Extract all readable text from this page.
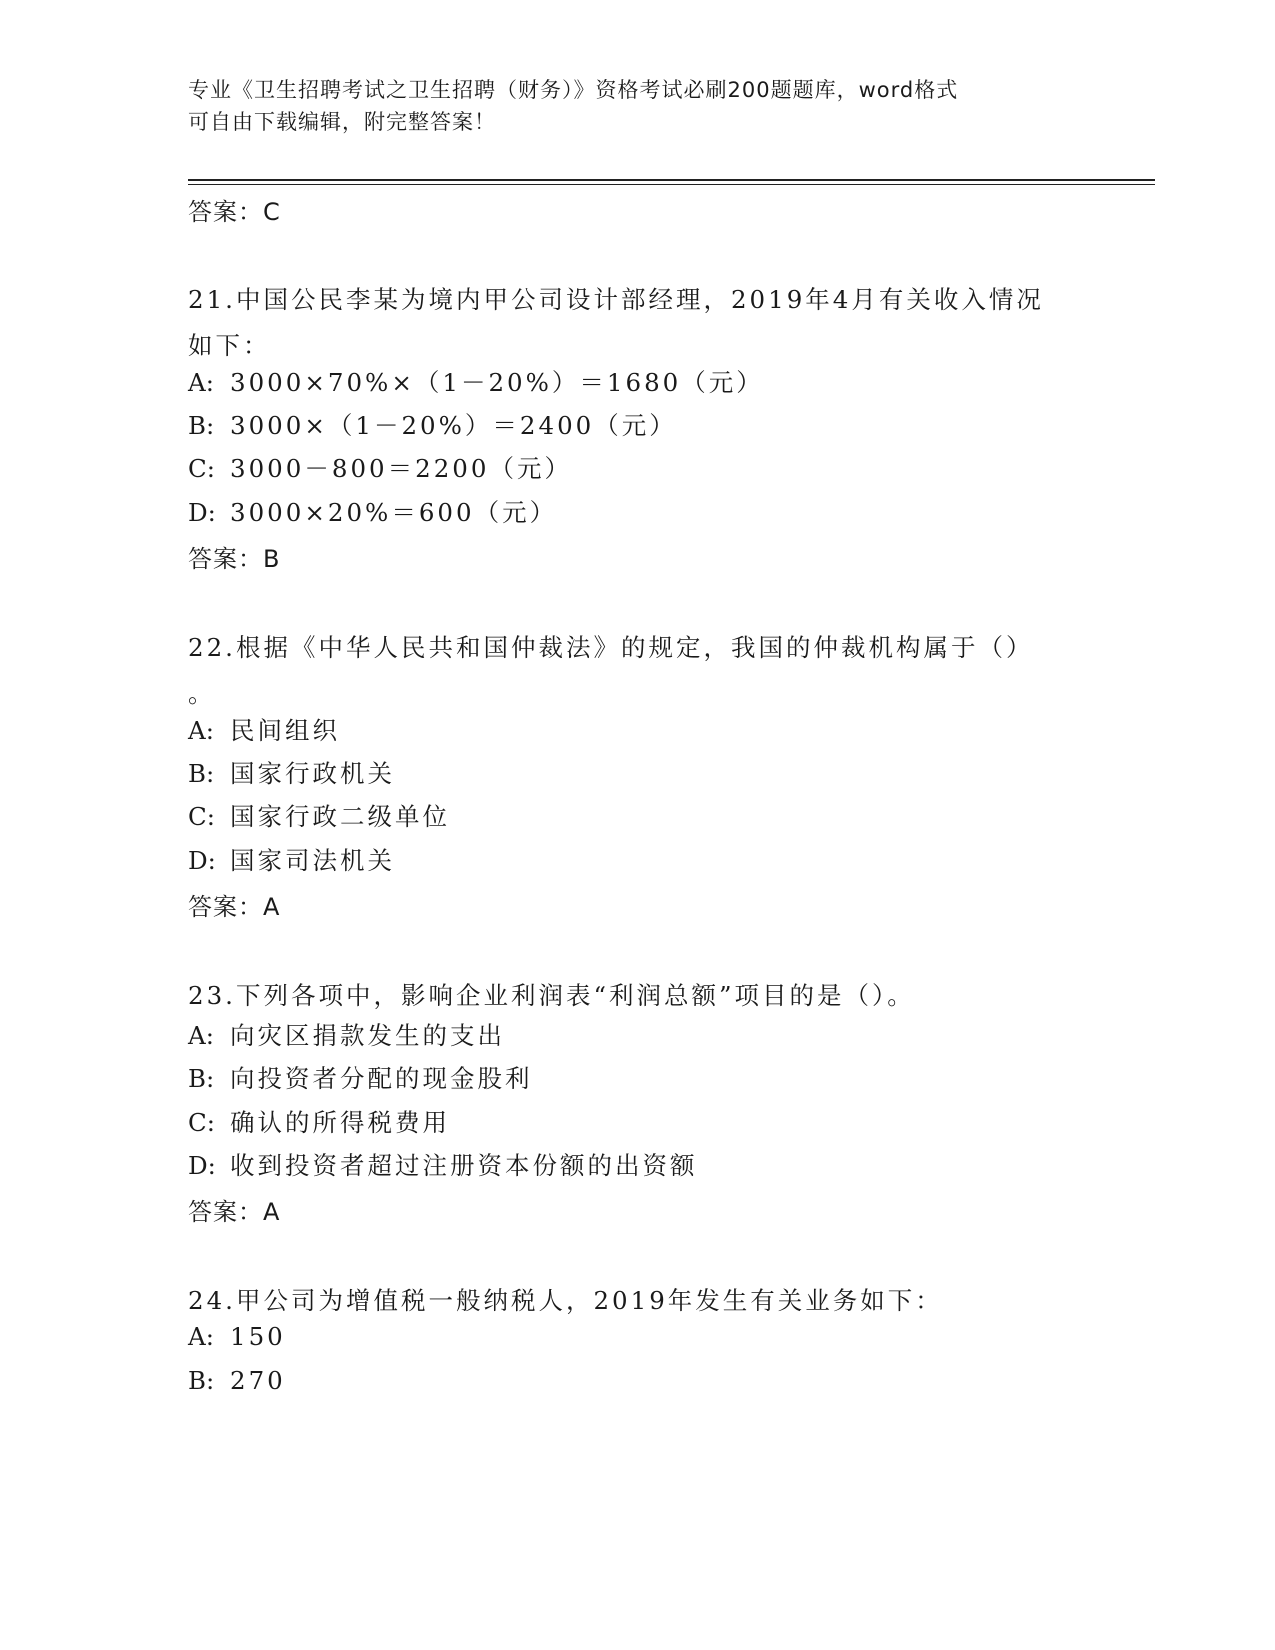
专业《卫生招聘考试之卫生招聘（财务）》资格考试必刷200题题库，word格式
可自由下载编辑，附完整答案！
答案：C
21.中国公民李某为境内甲公司设计部经理，2019年4月有关收入情况
如下：
A: 3000×70%×（1－20%）＝1680（元）
B: 3000×（1－20%）＝2400（元）
C: 3000－800＝2200（元）
D: 3000×20%＝600（元）
答案：B
22.根据《中华人民共和国仲裁法》的规定，我国的仲裁机构属于（）
。
A: 民间组织
B: 国家行政机关
C: 国家行政二级单位
D: 国家司法机关
答案：A
23.下列各项中，影响企业利润表“利润总额”项目的是（）。
A: 向灾区捐款发生的支出
B: 向投资者分配的现金股利
C: 确认的所得税费用
D: 收到投资者超过注册资本份额的出资额
答案：A
24.甲公司为增值税一般纳税人，2019年发生有关业务如下：
A: 150
B: 270
